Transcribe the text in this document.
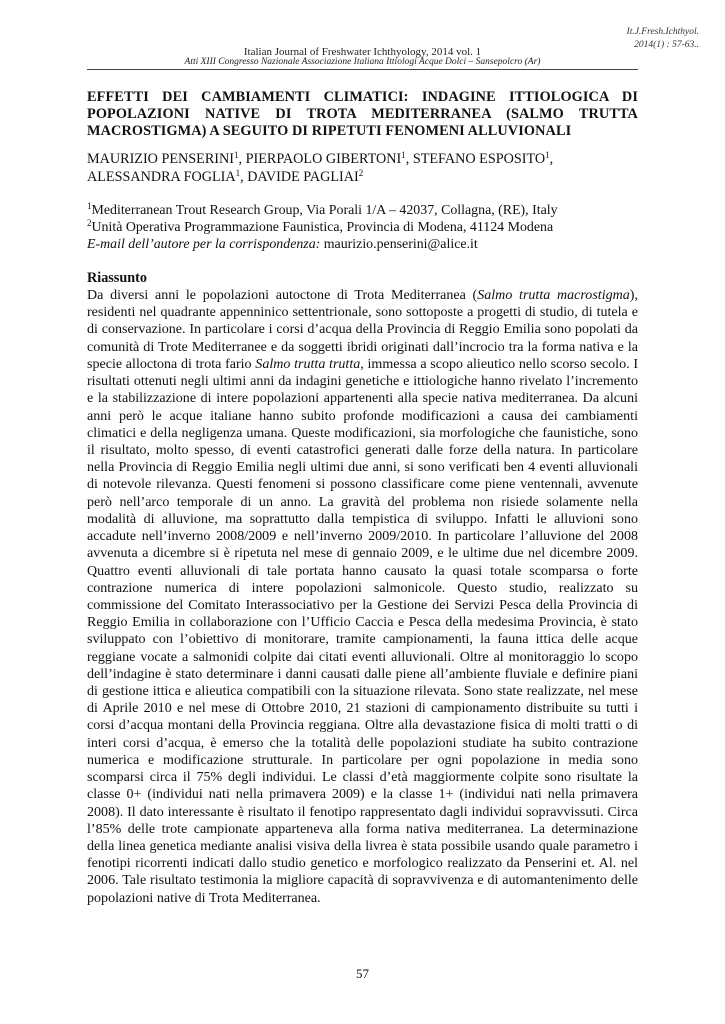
It.J.Fresh.Ichthyol.
2014(1) : 57-63..
Italian Journal of Freshwater Ichthyology, 2014 vol. 1
Atti XIII Congresso Nazionale Associazione Italiana Ittiologi Acque Dolci – Sansepolcro (Ar)
EFFETTI DEI CAMBIAMENTI CLIMATICI: INDAGINE ITTIOLOGICA DI POPOLAZIONI NATIVE DI TROTA MEDITERRANEA (SALMO TRUTTA MACROSTIGMA) A SEGUITO DI RIPETUTI FENOMENI ALLUVIONALI
MAURIZIO PENSERINI$^1$, PIERPAOLO GIBERTONI$^1$, STEFANO ESPOSITO$^1$,
ALESSANDRA FOGLIA$^1$, DAVIDE PAGLIAI$^2$
$^1$Mediterranean Trout Research Group, Via Porali 1/A – 42037, Collagna, (RE), Italy
$^2$Unità Operativa Programmazione Faunistica, Provincia di Modena, 41124 Modena
E-mail dell’autore per la corrispondenza: maurizio.penserini@alice.it
Riassunto

Da diversi anni le popolazioni autoctone di Trota Mediterranea (Salmo trutta macrostigma), residenti nel quadrante appenninico settentrionale, sono sottoposte a progetti di studio, di tutela e di conservazione. In particolare i corsi d’acqua della Provincia di Reggio Emilia sono popolati da comunità di Trote Mediterranee e da soggetti ibridi originati dall’incrocio tra la forma nativa e la specie alloctona di trota fario Salmo trutta trutta, immessa a scopo alieutico nello scorso secolo. I risultati ottenuti negli ultimi anni da indagini genetiche e ittiologiche hanno rivelato l’incremento e la stabilizzazione di intere popolazioni appartenenti alla specie nativa mediterranea. Da alcuni anni però le acque italiane hanno subito profonde modificazioni a causa dei cambiamenti climatici e della negligenza umana. Queste modificazioni, sia morfologiche che faunistiche, sono il risultato, molto spesso, di eventi catastrofici generati dalle forze della natura. In particolare nella Provincia di Reggio Emilia negli ultimi due anni, si sono verificati ben 4 eventi alluvionali di notevole rilevanza. Questi fenomeni si possono classificare come piene ventennali, avvenute però nell’arco temporale di un anno. La gravità del problema non risiede solamente nella modalità di alluvione, ma soprattutto dalla tempistica di sviluppo. Infatti le alluvioni sono accadute nell’inverno 2008/2009 e nell’inverno 2009/2010. In particolare l’alluvione del 2008 avvenuta a dicembre si è ripetuta nel mese di gennaio 2009, e le ultime due nel dicembre 2009. Quattro eventi alluvionali di tale portata hanno causato la quasi totale scomparsa o forte contrazione numerica di intere popolazioni salmonicole. Questo studio, realizzato su commissione del Comitato Interassociativo per la Gestione dei Servizi Pesca della Provincia di Reggio Emilia in collaborazione con l’Ufficio Caccia e Pesca della medesima Provincia, è stato sviluppato con l’obiettivo di monitorare, tramite campionamenti, la fauna ittica delle acque reggiane vocate a salmonidi colpite dai citati eventi alluvionali. Oltre al monitoraggio lo scopo dell’indagine è stato determinare i danni causati dalle piene all’ambiente fluviale e definire piani di gestione ittica e alieutica compatibili con la situazione rilevata. Sono state realizzate, nel mese di Aprile 2010 e nel mese di Ottobre 2010, 21 stazioni di campionamento distribuite su tutti i corsi d’acqua montani della Provincia reggiana. Oltre alla devastazione fisica di molti tratti o di interi corsi d’acqua, è emerso che la totalità delle popolazioni studiate ha subito contrazione numerica e modificazione strutturale. In particolare per ogni popolazione in media sono scomparsi circa il 75% degli individui. Le classi d’età maggiormente colpite sono risultate la classe 0+ (individui nati nella primavera 2009) e la classe 1+ (individui nati nella primavera 2008). Il dato interessante è risultato il fenotipo rappresentato dagli individui sopravvissuti. Circa l’85% delle trote campionate apparteneva alla forma nativa mediterranea. La determinazione della linea genetica mediante analisi visiva della livrea è stata possibile usando quale parametro i fenotipi ricorrenti indicati dallo studio genetico e morfologico realizzato da Penserini et. Al. nel 2006. Tale risultato testimonia la migliore capacità di sopravvivenza e di automantenimento delle popolazioni native di Trota Mediterranea.

57
